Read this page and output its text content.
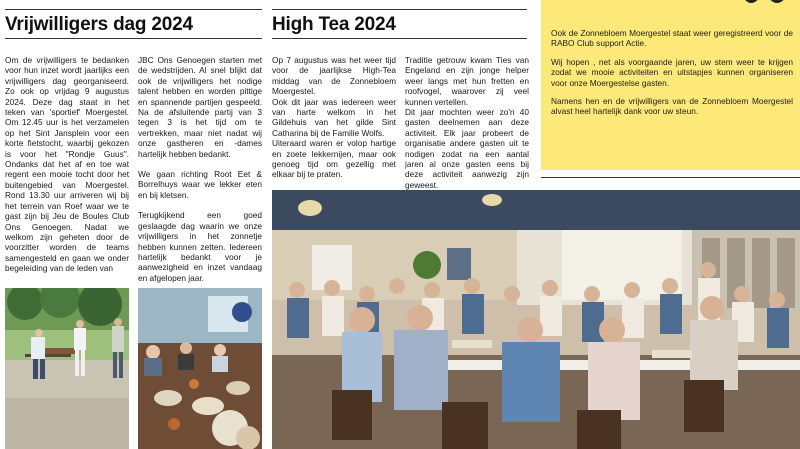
Ook de Zonnebloem Moergestel staat weer geregistreerd voor de RABO Club support Actie.

Wij hopen , net als voorgaande jaren, uw stem weer te krijgen zodat we mooie activiteiten en uitstapjes kunnen organiseren voor onze Moergestelse gasten.

Namens hen en de vrijwilligers van de Zonnebloem Moergestel alvast heel hartelijk dank voor uw steun.

Vrijwilligers dag 2024

Om de vrijwilligers te bedanken voor hun inzet wordt jaarlijks een vrijwilligers dag georganiseerd. Zo ook op vrijdag 9 augustus 2024. Deze dag staat in het teken van 'sportief' Moergestel. Om 12.45 uur is het verzamelen op het Sint Jansplein voor een korte fietstocht, waarbij gekozen is voor het "Rondje Guus". Ondanks dat het af en toe wat regent een mooie tocht door het buitengebied van Moergestel. Rond 13.30 uur arriveren wij bij het terrein van Roef waar we te gast zijn bij Jeu de Boules Club Ons Genoegen. Nadat we welkom zijn geheten door de voorzitter worden de teams samengesteld en gaan we onder begeleiding van de leden van

JBC Ons Genoegen starten met de wedstrijden. Al snel blijkt dat ook de vrijwilligers het nodige talent hebben en worden pittige en spannende partijen gespeeld. Na de afsluitende partij van 3 tegen 3 is het tijd om te vertrekken, maar niet nadat wij onze gastheren en -dames hartelijk hebben bedankt.

We gaan richting Root Eet & Borrelhuys waar we lekker eten en bij kletsen.

Terugkijkend een goed geslaagde dag waarin we onze vrijwilligers in het zonnetje hebben kunnen zetten. Iedereen hartelijk bedankt voor je aanwezigheid en inzet vandaag en afgelopen jaar.

High Tea 2024

Op 7 augustus was het weer tijd voor de jaarlijkse High-Tea middag van de Zonnebloem Moergestel.

Ook dit jaar was iedereen weer van harte welkom in het Gildehuis van het gilde Sint Catharina bij de Familie Wolfs.

Uiteraard waren er volop hartige en zoete lekkernijen, maar ook genoeg tijd om gezellig met elkaar bij te praten.

Traditie getrouw kwam Ties van Engeland en zijn jonge helper weer langs met hun fretten en roofvogel, waarover zij veel kunnen vertellen.

Dit jaar mochten weer zo'n 40 gasten deelnemen aan deze activiteit. Elk jaar probeert de organisatie andere gasten uit te nodigen zodat na een aantal jaren al onze gasten eens bij deze activiteit aanwezig zijn geweest.
